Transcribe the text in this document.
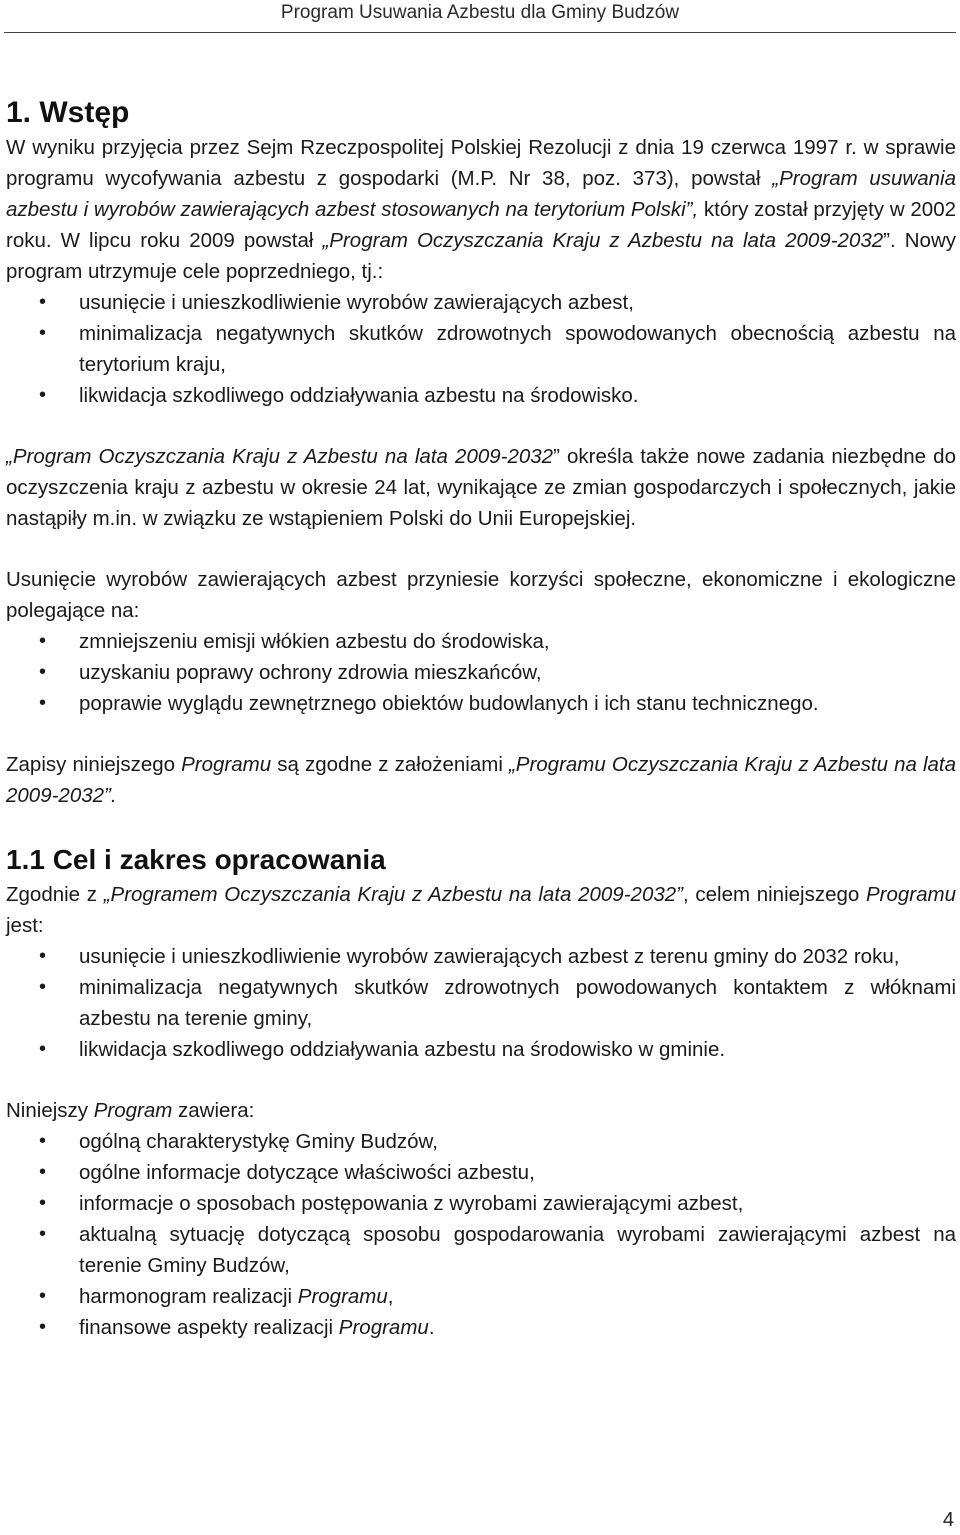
Program Usuwania Azbestu dla Gminy Budzów
1. Wstęp

W wyniku przyjęcia przez Sejm Rzeczpospolitej Polskiej Rezolucji z dnia 19 czerwca 1997 r. w sprawie programu wycofywania azbestu z gospodarki (M.P. Nr 38, poz. 373), powstał „Program usuwania azbestu i wyrobów zawierających azbest stosowanych na terytorium Polski”, który został przyjęty w 2002 roku. W lipcu roku 2009 powstał „Program Oczyszczania Kraju z Azbestu na lata 2009-2032”. Nowy program utrzymuje cele poprzedniego, tj.:

• usunięcie i unieszkodliwienie wyrobów zawierających azbest,
• minimalizacja negatywnych skutków zdrowotnych spowodowanych obecnością azbestu na terytorium kraju,
• likwidacja szkodliwego oddziaływania azbestu na środowisko.

„Program Oczyszczania Kraju z Azbestu na lata 2009-2032” określa także nowe zadania niezbędne do oczyszczenia kraju z azbestu w okresie 24 lat, wynikające ze zmian gospodarczych i społecznych, jakie nastąpiły m.in. w związku ze wstąpieniem Polski do Unii Europejskiej.

Usunięcie wyrobów zawierających azbest przyniesie korzyści społeczne, ekonomiczne i ekologiczne polegające na:

• zmniejszeniu emisji włókien azbestu do środowiska,
• uzyskaniu poprawy ochrony zdrowia mieszkańców,
• poprawie wyglądu zewnętrznego obiektów budowlanych i ich stanu technicznego.

Zapisy niniejszego Programu są zgodne z założeniami „Programu Oczyszczania Kraju z Azbestu na lata 2009-2032”.

1.1 Cel i zakres opracowania

Zgodnie z „Programem Oczyszczania Kraju z Azbestu na lata 2009-2032”, celem niniejszego Programu jest:

• usunięcie i unieszkodliwienie wyrobów zawierających azbest z terenu gminy do 2032 roku,
• minimalizacja negatywnych skutków zdrowotnych powodowanych kontaktem z włóknami azbestu na terenie gminy,
• likwidacja szkodliwego oddziaływania azbestu na środowisko w gminie.

Niniejszy Program zawiera:

• ogólną charakterystykę Gminy Budzów,
• ogólne informacje dotyczące właściwości azbestu,
• informacje o sposobach postępowania z wyrobami zawierającymi azbest,
• aktualną sytuację dotyczącą sposobu gospodarowania wyrobami zawierającymi azbest na terenie Gminy Budzów,
• harmonogram realizacji Programu,
• finansowe aspekty realizacji Programu.
4
